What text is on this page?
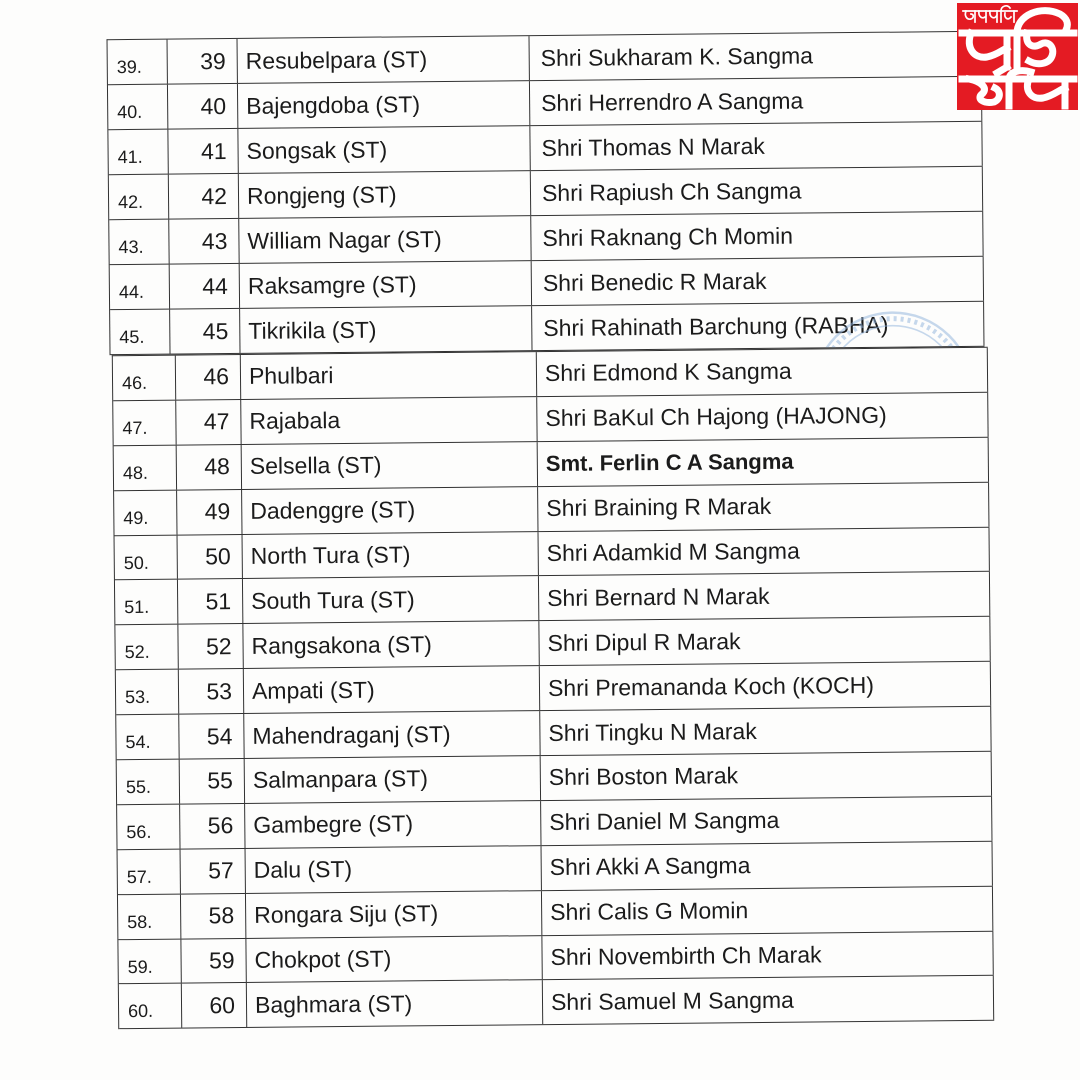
39.	39 Resubelpara (ST)	Shri Sukharam K. Sangma
40.	40 Bajengdoba (ST)	Shri Herrendro A Sangma
41.	41 Songsak (ST)	Shri Thomas N Marak
42.	42 Rongjeng (ST)	Shri Rapiush Ch Sangma
43.	43 William Nagar (ST)	Shri Raknang Ch Momin
44.	44 Raksamgre (ST)	Shri Benedic R Marak
45.	45 Tikrikila (ST)	Shri Rahinath Barchung (RABHA)
46.	46 Phulbari	Shri Edmond K Sangma
47.	47 Rajabala	Shri BaKul Ch Hajong (HAJONG)
48.	48 Selsella (ST)	Smt. Ferlin C A Sangma
49.	49 Dadenggre (ST)	Shri Braining R Marak
50.	50 North Tura (ST)	Shri Adamkid M Sangma
51.	51 South Tura (ST)	Shri Bernard N Marak
52.	52 Rangsakona (ST)	Shri Dipul R Marak
53.	53 Ampati (ST)	Shri Premananda Koch (KOCH)
54.	54 Mahendraganj (ST)	Shri Tingku N Marak
55.	55 Salmanpara (ST)	Shri Boston Marak
56.	56 Gambegre (ST)	Shri Daniel M Sangma
57.	57 Dalu (ST)	Shri Akki A Sangma
58.	58 Rongara Siju (ST)	Shri Calis G Momin
59.	59 Chokpot (ST)	Shri Novembirth Ch Marak
60.	60 Baghmara (ST)	Shri Samuel M Sangma
